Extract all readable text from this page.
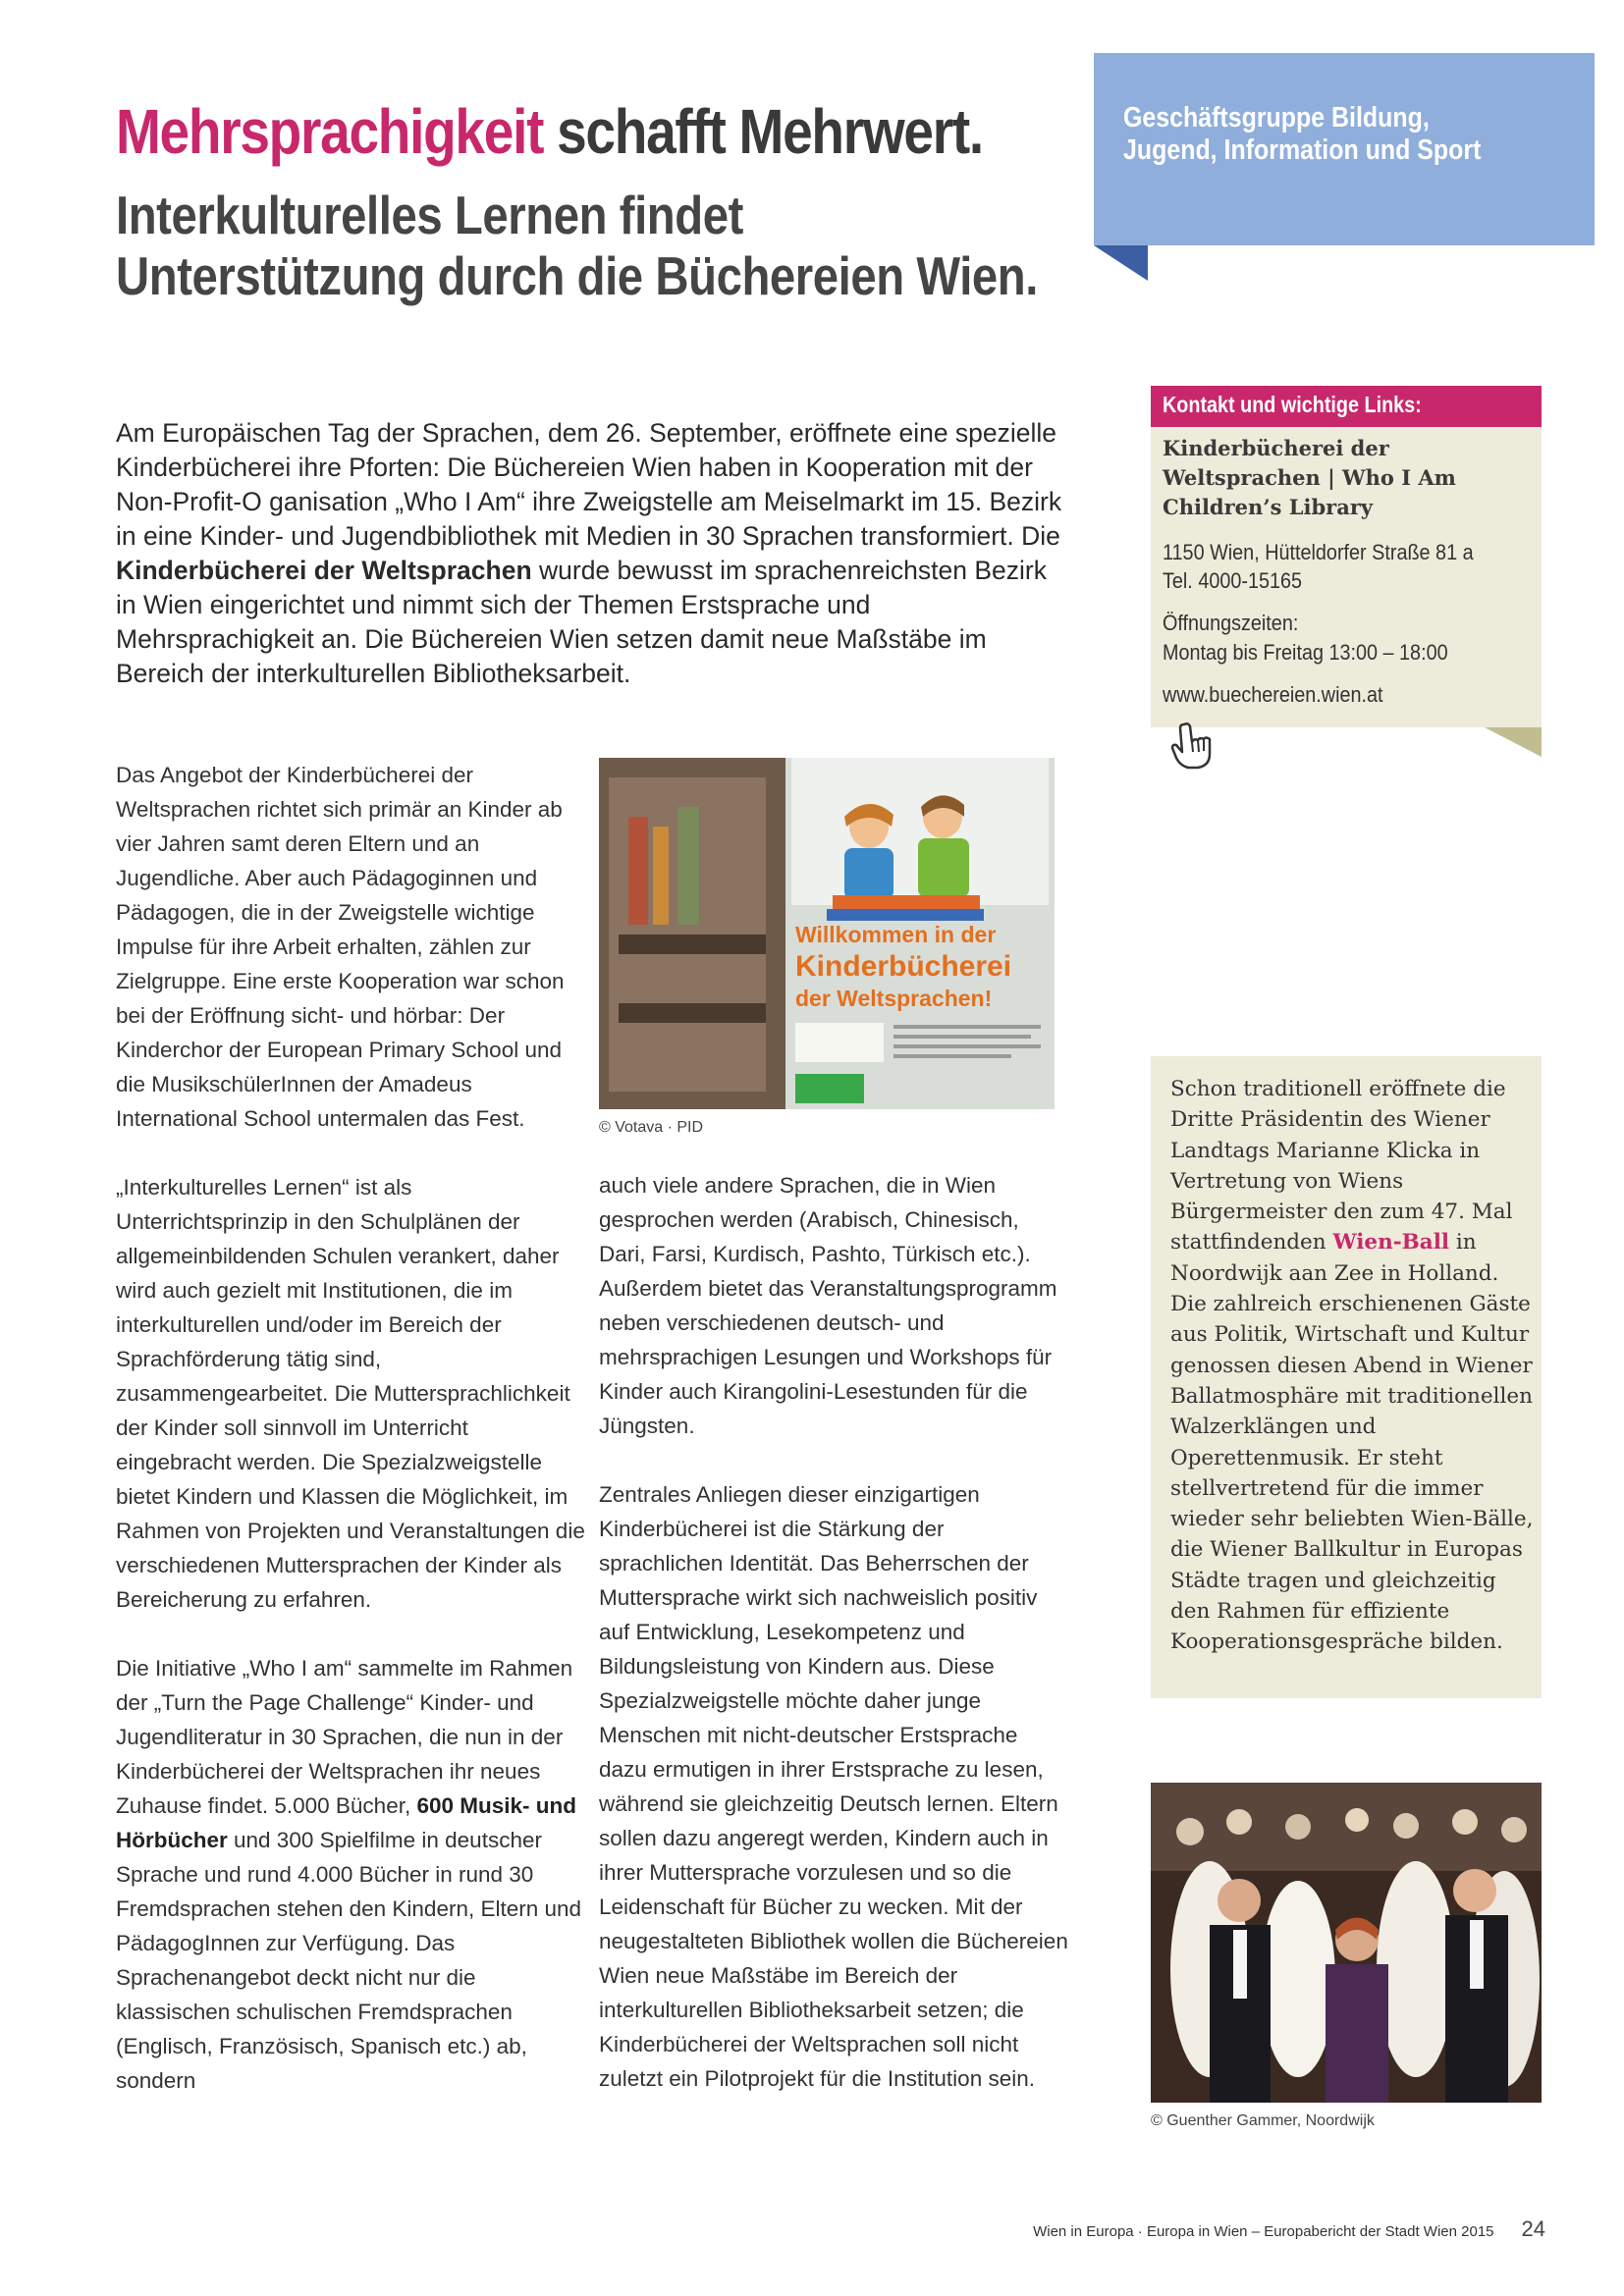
Mehrsprachigkeit schafft Mehrwert.
Interkulturelles Lernen findet Unterstützung durch die Büchereien Wien.
Geschäftsgruppe Bildung, Jugend, Information und Sport
Am Europäischen Tag der Sprachen, dem 26. September, eröffnete eine spezielle Kinderbücherei ihre Pforten: Die Büchereien Wien haben in Kooperation mit der Non-Profit-O ganisation „Who I Am“ ihre Zweigstelle am Meiselmarkt im 15. Bezirk in eine Kinder- und Jugendbibliothek mit Medien in 30 Sprachen transformiert. Die Kinderbücherei der Weltsprachen wurde bewusst im sprachenreichsten Bezirk in Wien eingerichtet und nimmt sich der Themen Erstsprache und Mehrsprachigkeit an. Die Büchereien Wien setzen damit neue Maßstäbe im Bereich der interkulturellen Bibliotheksarbeit.

Das Angebot der Kinderbücherei der Weltsprachen richtet sich primär an Kinder ab vier Jahren samt deren Eltern und an Jugendliche. Aber auch Pädagoginnen und Pädagogen, die in der Zweigstelle wichtige Impulse für ihre Arbeit erhalten, zählen zur Zielgruppe. Eine erste Kooperation war schon bei der Eröffnung sicht- und hörbar: Der Kinderchor der European Primary School und die MusikschülerInnen der Amadeus International School untermalen das Fest.

„Interkulturelles Lernen“ ist als Unterrichtsprinzip in den Schulplänen der allgemeinbildenden Schulen verankert, daher wird auch gezielt mit Institutionen, die im interkulturellen und/oder im Bereich der Sprachförderung tätig sind, zusammengearbeitet. Die Muttersprachlichkeit der Kinder soll sinnvoll im Unterricht eingebracht werden. Die Spezialzweigstelle bietet Kindern und Klassen die Möglichkeit, im Rahmen von Projekten und Veranstaltungen die verschiedenen Muttersprachen der Kinder als Bereicherung zu erfahren.

Die Initiative „Who I am“ sammelte im Rahmen der „Turn the Page Challenge“ Kinder- und Jugendliteratur in 30 Sprachen, die nun in der Kinderbücherei der Weltsprachen ihr neues Zuhause findet. 5.000 Bücher, 600 Musik- und Hörbücher und 300 Spielfilme in deutscher Sprache und rund 4.000 Bücher in rund 30 Fremdsprachen stehen den Kindern, Eltern und PädagogInnen zur Verfügung. Das Sprachenangebot deckt nicht nur die klassischen schulischen Fremdsprachen (Englisch, Französisch, Spanisch etc.) ab, sondern

Willkommen in der
Kinderbücherei
der Weltsprachen!
© Votava · PID

auch viele andere Sprachen, die in Wien gesprochen werden (Arabisch, Chinesisch, Dari, Farsi, Kurdisch, Pashto, Türkisch etc.). Außerdem bietet das Veranstaltungsprogramm neben verschiedenen deutsch- und mehrsprachigen Lesungen und Workshops für Kinder auch Kirangolini-Lesestunden für die Jüngsten.

Zentrales Anliegen dieser einzigartigen Kinderbücherei ist die Stärkung der sprachlichen Identität. Das Beherrschen der Muttersprache wirkt sich nachweislich positiv auf Entwicklung, Lesekompetenz und Bildungsleistung von Kindern aus. Diese Spezialzweigstelle möchte daher junge Menschen mit nicht-deutscher Erstsprache dazu ermutigen in ihrer Erstsprache zu lesen, während sie gleichzeitig Deutsch lernen. Eltern sollen dazu angeregt werden, Kindern auch in ihrer Muttersprache vorzulesen und so die Leidenschaft für Bücher zu wecken. Mit der neugestalteten Bibliothek wollen die Büchereien Wien neue Maßstäbe im Bereich der interkulturellen Bibliotheksarbeit setzen; die Kinderbücherei der Weltsprachen soll nicht zuletzt ein Pilotprojekt für die Institution sein.

Kontakt und wichtige Links:
Kinderbücherei der Weltsprachen | Who I Am Children’s Library
1150 Wien, Hütteldorfer Straße 81 a
Tel. 4000-15165
Öffnungszeiten:
Montag bis Freitag 13:00 – 18:00
www.buechereien.wien.at
Schon traditionell eröffnete die Dritte Präsidentin des Wiener Landtags Marianne Klicka in Vertretung von Wiens Bürgermeister den zum 47. Mal stattfindenden Wien-Ball in Noordwijk aan Zee in Holland. Die zahlreich erschienenen Gäste aus Politik, Wirtschaft und Kultur genossen diesen Abend in Wiener Ballatmosphäre mit traditionellen Walzerklängen und Operettenmusik. Er steht stellvertretend für die immer wieder sehr beliebten Wien-Bälle, die Wiener Ballkultur in Europas Städte tragen und gleichzeitig den Rahmen für effiziente Kooperationsgespräche bilden.
© Guenther Gammer, Noordwijk
Wien in Europa · Europa in Wien – Europabericht der Stadt Wien 2015 24
